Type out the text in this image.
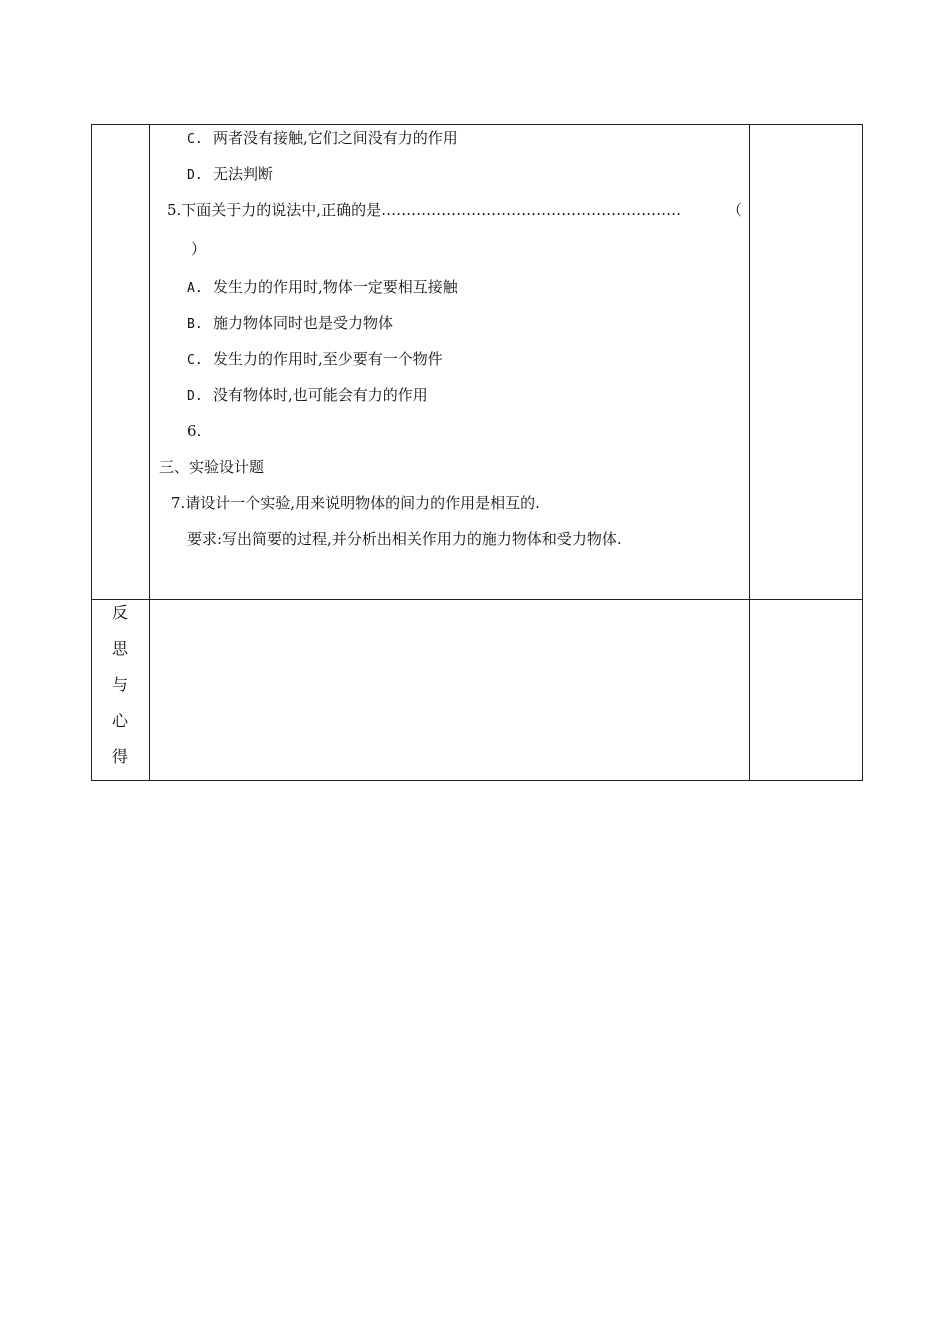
C. 两者没有接触,它们之间没有力的作用
D. 无法判断
5.下面关于力的说法中,正确的是……………………………………………………	（
）
A. 发生力的作用时,物体一定要相互接触
B. 施力物体同时也是受力物体
C. 发生力的作用时,至少要有一个物件
D. 没有物体时,也可能会有力的作用
6.
三、实验设计题
7.请设计一个实验,用来说明物体的间力的作用是相互的.
要求:写出简要的过程,并分析出相关作用力的施力物体和受力物体.
反
思
与
心
得
